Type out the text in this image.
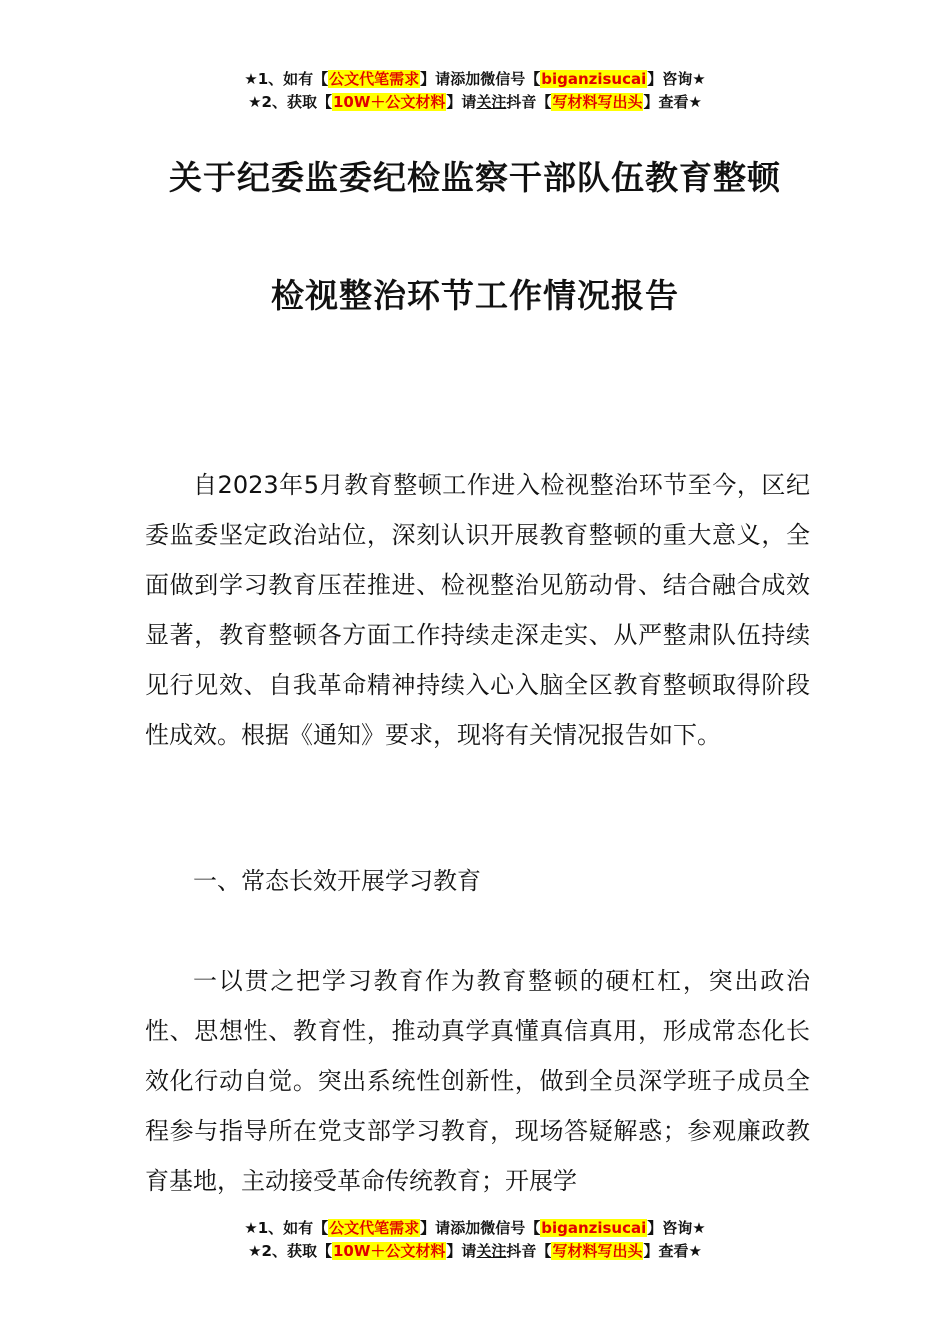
★1、如有【公文代笔需求】请添加微信号【biganzisucai】咨询★
★2、获取【10W＋公文材料】请关注抖音【写材料写出头】查看★
关于纪委监委纪检监察干部队伍教育整顿
检视整治环节工作情况报告

自2023年5月教育整顿工作进入检视整治环节至今，区纪委监委坚定政治站位，深刻认识开展教育整顿的重大意义，全面做到学习教育压茬推进、检视整治见筋动骨、结合融合成效显著，教育整顿各方面工作持续走深走实、从严整肃队伍持续见行见效、自我革命精神持续入心入脑全区教育整顿取得阶段性成效。根据《通知》要求，现将有关情况报告如下。

一、常态长效开展学习教育

一以贯之把学习教育作为教育整顿的硬杠杠，突出政治性、思想性、教育性，推动真学真懂真信真用，形成常态化长效化行动自觉。突出系统性创新性，做到全员深学班子成员全程参与指导所在党支部学习教育，现场答疑解惑；参观廉政教育基地，主动接受革命传统教育；开展学

★1、如有【公文代笔需求】请添加微信号【biganzisucai】咨询★
★2、获取【10W＋公文材料】请关注抖音【写材料写出头】查看★
